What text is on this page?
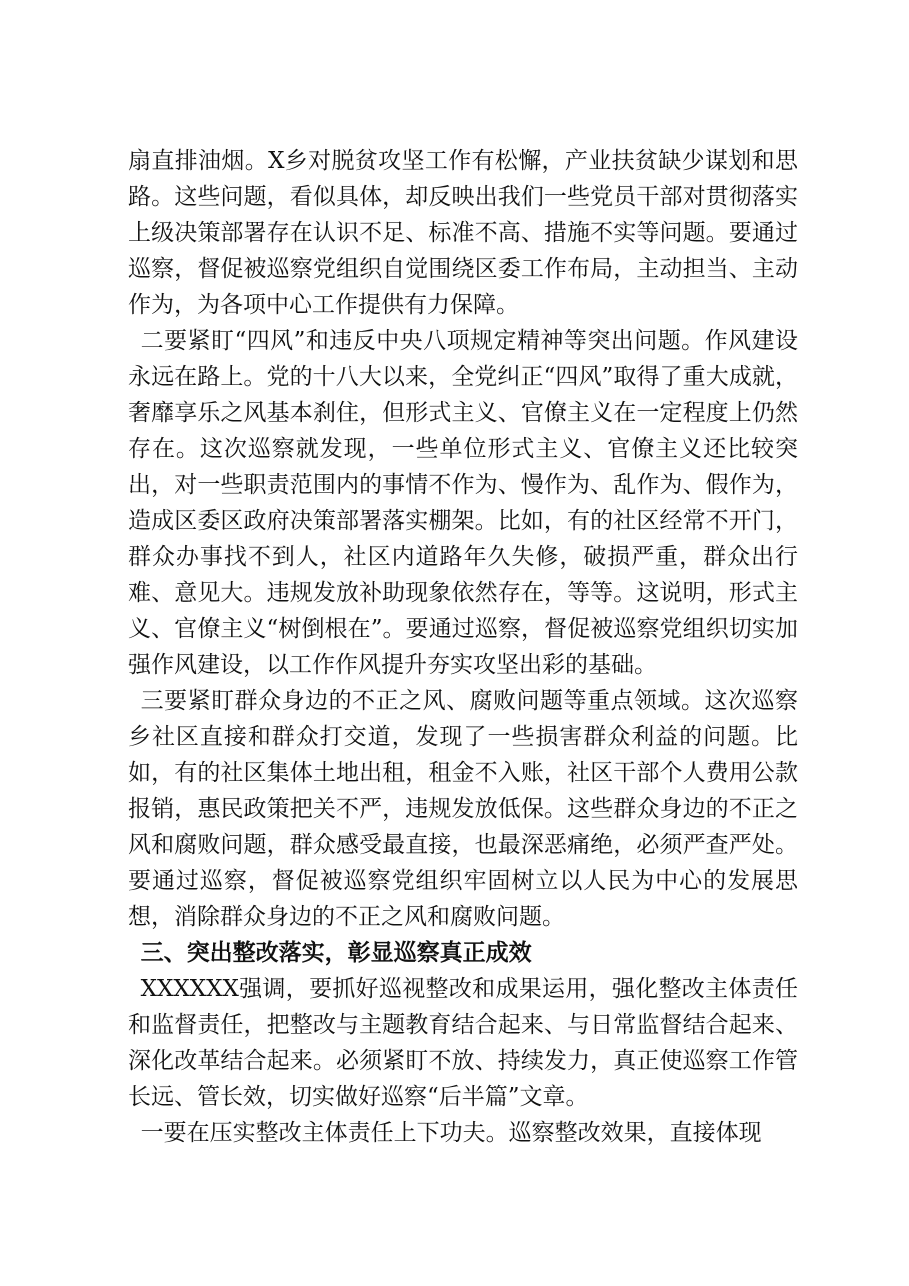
扇直排油烟。X乡对脱贫攻坚工作有松懈，产业扶贫缺少谋划和思路。这些问题，看似具体，却反映出我们一些党员干部对贯彻落实上级决策部署存在认识不足、标准不高、措施不实等问题。要通过巡察，督促被巡察党组织自觉围绕区委工作布局，主动担当、主动作为，为各项中心工作提供有力保障。

二要紧盯“四风”和违反中央八项规定精神等突出问题。作风建设永远在路上。党的十八大以来，全党纠正“四风”取得了重大成就，奢靡享乐之风基本刹住，但形式主义、官僚主义在一定程度上仍然存在。这次巡察就发现，一些单位形式主义、官僚主义还比较突出，对一些职责范围内的事情不作为、慢作为、乱作为、假作为，造成区委区政府决策部署落实棚架。比如，有的社区经常不开门，群众办事找不到人，社区内道路年久失修，破损严重，群众出行难、意见大。违规发放补助现象依然存在，等等。这说明，形式主义、官僚主义“树倒根在”。要通过巡察，督促被巡察党组织切实加强作风建设，以工作作风提升夯实攻坚出彩的基础。

三要紧盯群众身边的不正之风、腐败问题等重点领域。这次巡察乡社区直接和群众打交道，发现了一些损害群众利益的问题。比如，有的社区集体土地出租，租金不入账，社区干部个人费用公款报销，惠民政策把关不严，违规发放低保。这些群众身边的不正之风和腐败问题，群众感受最直接，也最深恶痛绝，必须严查严处。要通过巡察，督促被巡察党组织牢固树立以人民为中心的发展思想，消除群众身边的不正之风和腐败问题。

三、突出整改落实，彰显巡察真正成效

XXXXXX强调，要抓好巡视整改和成果运用，强化整改主体责任和监督责任，把整改与主题教育结合起来、与日常监督结合起来、深化改革结合起来。必须紧盯不放、持续发力，真正使巡察工作管长远、管长效，切实做好巡察“后半篇”文章。

一要在压实整改主体责任上下功夫。巡察整改效果，直接体现
